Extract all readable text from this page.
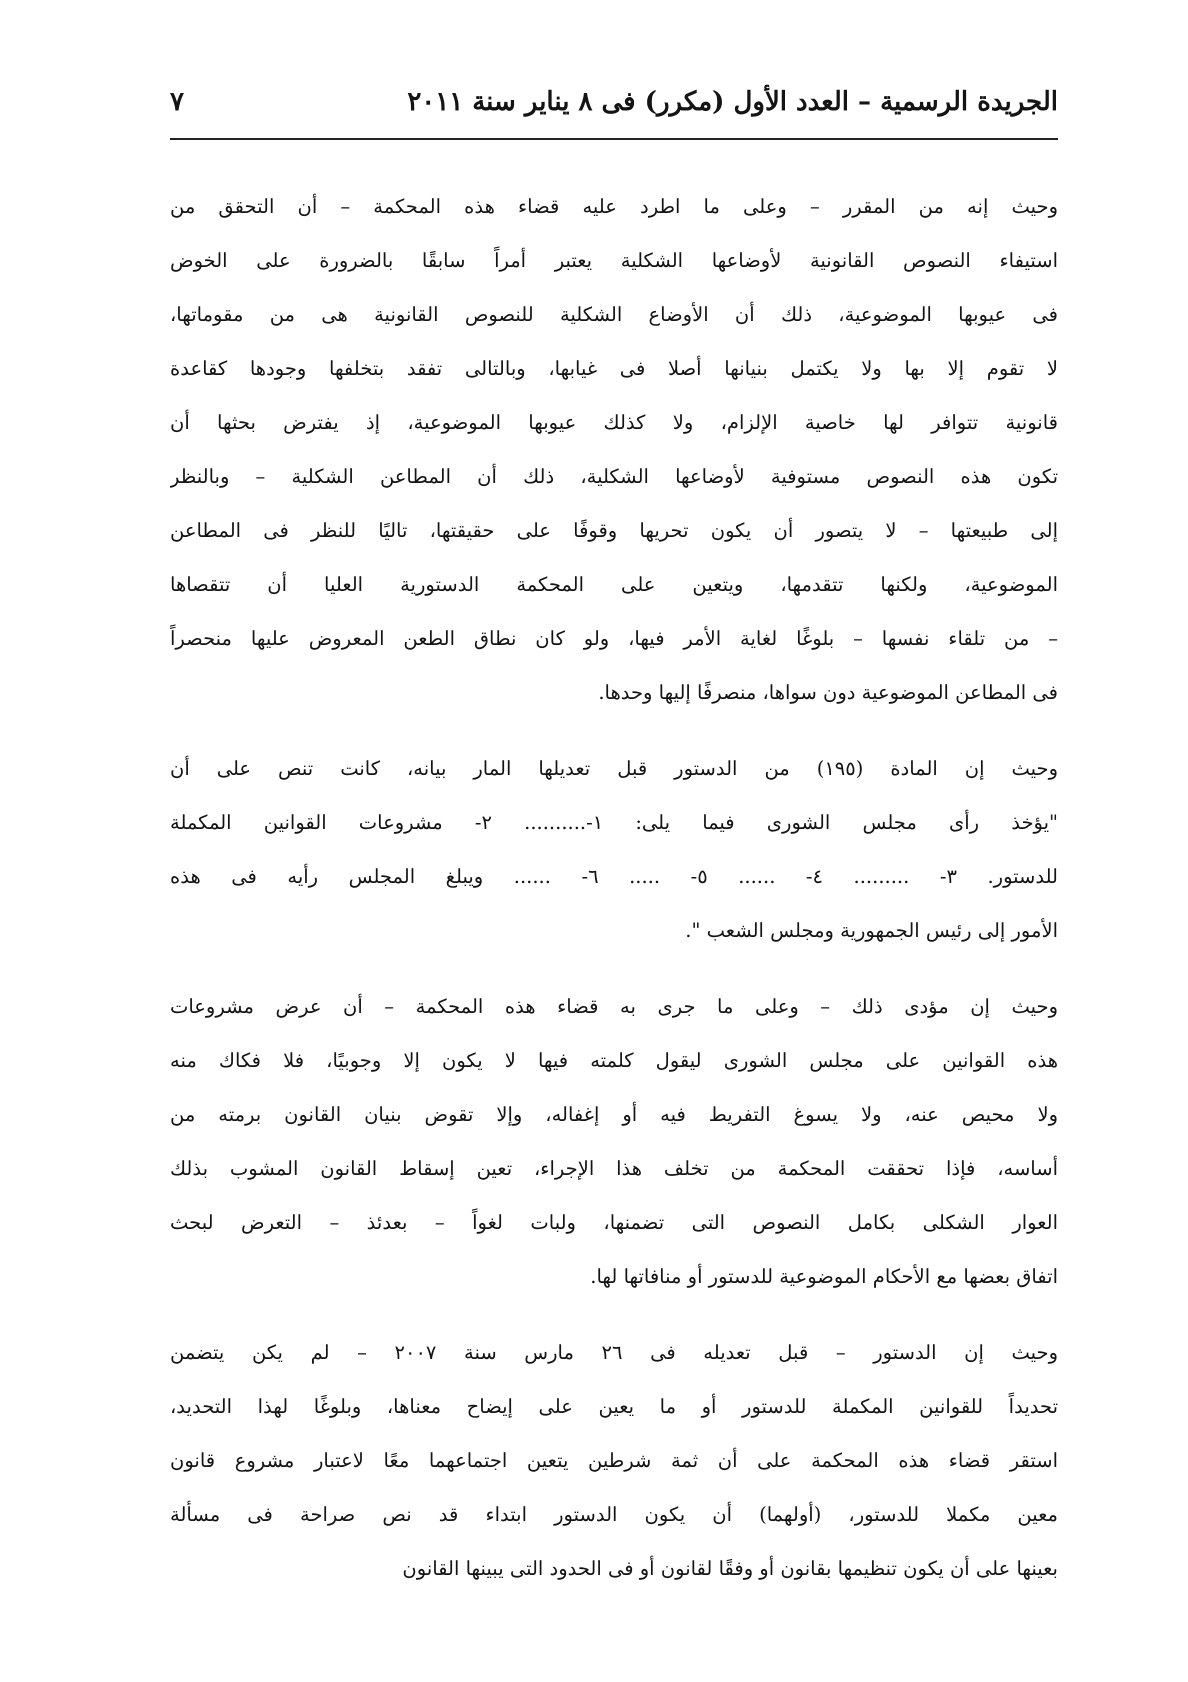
الجريدة الرسمية – العدد الأول (مكرر) فى ٨ يناير سنة ٢٠١١
٧
وحيث إنه من المقرر – وعلى ما اطرد عليه قضاء هذه المحكمة – أن التحقق من
استيفاء النصوص القانونية لأوضاعها الشكلية يعتبر أمراً سابقًا بالضرورة على الخوض
فى عيوبها الموضوعية، ذلك أن الأوضاع الشكلية للنصوص القانونية هى من مقوماتها،
لا تقوم إلا بها ولا يكتمل بنيانها أصلا فى غيابها، وبالتالى تفقد بتخلفها وجودها كقاعدة
قانونية تتوافر لها خاصية الإلزام، ولا كذلك عيوبها الموضوعية، إذ يفترض بحثها أن
تكون هذه النصوص مستوفية لأوضاعها الشكلية، ذلك أن المطاعن الشكلية – وبالنظر
إلى طبيعتها – لا يتصور أن يكون تحريها وقوفًا على حقيقتها، تاليًا للنظر فى المطاعن
الموضوعية، ولكنها تتقدمها، ويتعين على المحكمة الدستورية العليا أن تتقصاها
– من تلقاء نفسها – بلوغًا لغاية الأمر فيها، ولو كان نطاق الطعن المعروض عليها منحصراً
فى المطاعن الموضوعية دون سواها، منصرفًا إليها وحدها.
وحيث إن المادة (١٩٥) من الدستور قبل تعديلها المار بيانه، كانت تنص على أن
"يؤخذ رأى مجلس الشورى فيما يلى: ١-.......... ٢- مشروعات القوانين المكملة
للدستور. ٣- ......... ٤- ...... ٥- ..... ٦- ...... ويبلغ المجلس رأيه فى هذه
الأمور إلى رئيس الجمهورية ومجلس الشعب ".
وحيث إن مؤدى ذلك – وعلى ما جرى به قضاء هذه المحكمة – أن عرض مشروعات
هذه القوانين على مجلس الشورى ليقول كلمته فيها لا يكون إلا وجوبيًا، فلا فكاك منه
ولا محيص عنه، ولا يسوغ التفريط فيه أو إغفاله، وإلا تقوض بنيان القانون برمته من
أساسه، فإذا تحققت المحكمة من تخلف هذا الإجراء، تعين إسقاط القانون المشوب بذلك
العوار الشكلى بكامل النصوص التى تضمنها، ولبات لغواً – بعدئذ – التعرض لبحث
اتفاق بعضها مع الأحكام الموضوعية للدستور أو منافاتها لها.
وحيث إن الدستور – قبل تعديله فى ٢٦ مارس سنة ٢٠٠٧ – لم يكن يتضمن
تحديداً للقوانين المكملة للدستور أو ما يعين على إيضاح معناها، وبلوغًا لهذا التحديد،
استقر قضاء هذه المحكمة على أن ثمة شرطين يتعين اجتماعهما معًا لاعتبار مشروع قانون
معين مكملا للدستور، (أولهما) أن يكون الدستور ابتداء قد نص صراحة فى مسألة
بعينها على أن يكون تنظيمها بقانون أو وفقًا لقانون أو فى الحدود التى يبينها القانون
